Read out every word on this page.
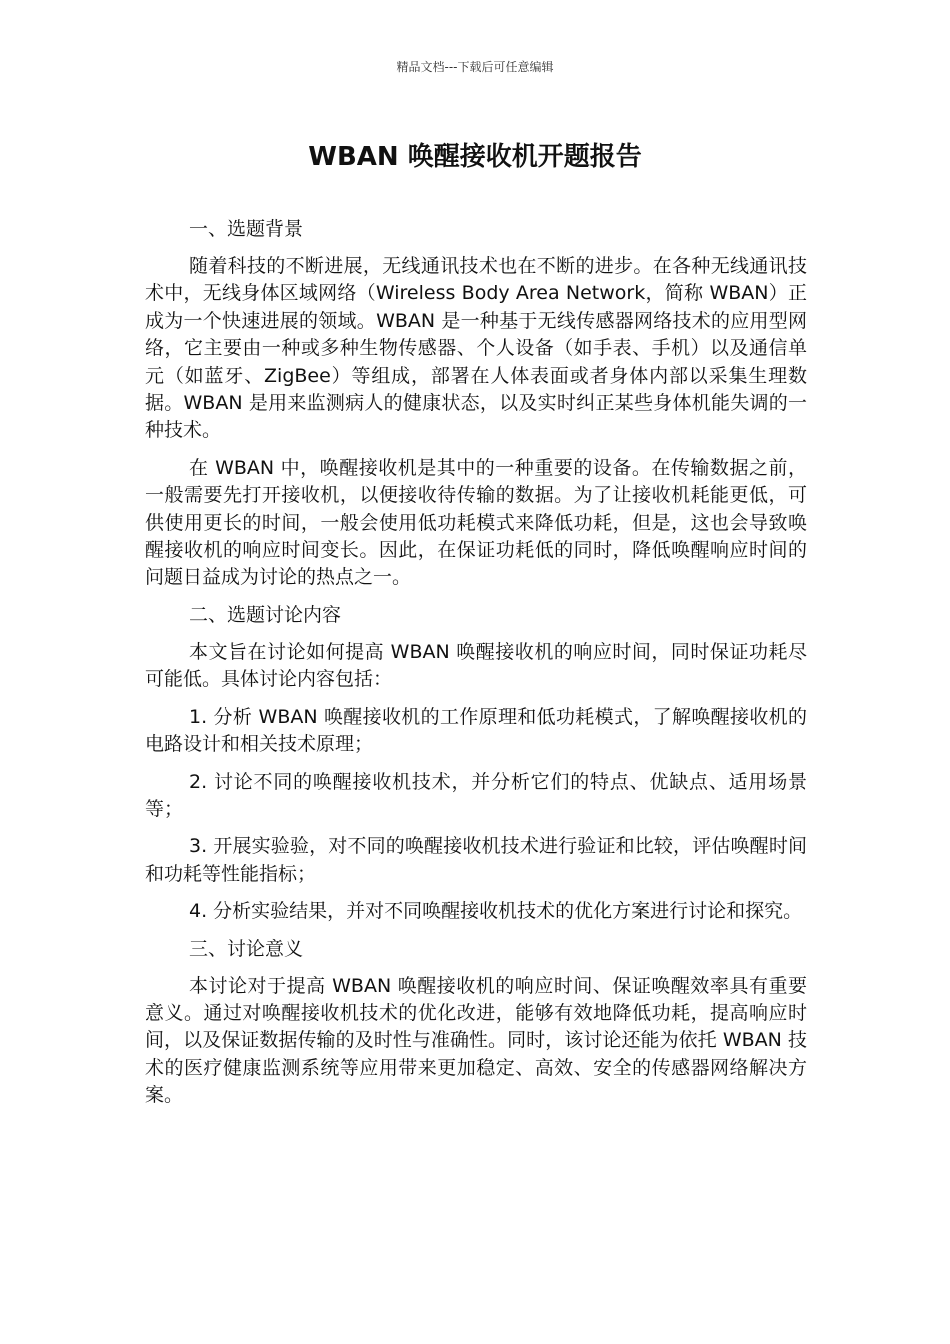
精品文档---下载后可任意编辑
WBAN 唤醒接收机开题报告

一、选题背景

随着科技的不断进展，无线通讯技术也在不断的进步。在各种无线通讯技术中，无线身体区域网络（Wireless Body Area Network，简称 WBAN）正成为一个快速进展的领域。WBAN 是一种基于无线传感器网络技术的应用型网络，它主要由一种或多种生物传感器、个人设备（如手表、手机）以及通信单元（如蓝牙、ZigBee）等组成，部署在人体表面或者身体内部以采集生理数据。WBAN 是用来监测病人的健康状态，以及实时纠正某些身体机能失调的一种技术。

在 WBAN 中，唤醒接收机是其中的一种重要的设备。在传输数据之前，一般需要先打开接收机，以便接收待传输的数据。为了让接收机耗能更低，可供使用更长的时间，一般会使用低功耗模式来降低功耗，但是，这也会导致唤醒接收机的响应时间变长。因此，在保证功耗低的同时，降低唤醒响应时间的问题日益成为讨论的热点之一。

二、选题讨论内容

本文旨在讨论如何提高 WBAN 唤醒接收机的响应时间，同时保证功耗尽可能低。具体讨论内容包括：

1. 分析 WBAN 唤醒接收机的工作原理和低功耗模式，了解唤醒接收机的电路设计和相关技术原理；

2. 讨论不同的唤醒接收机技术，并分析它们的特点、优缺点、适用场景等；

3. 开展实验验，对不同的唤醒接收机技术进行验证和比较，评估唤醒时间和功耗等性能指标；

4. 分析实验结果，并对不同唤醒接收机技术的优化方案进行讨论和探究。

三、讨论意义

本讨论对于提高 WBAN 唤醒接收机的响应时间、保证唤醒效率具有重要意义。通过对唤醒接收机技术的优化改进，能够有效地降低功耗，提高响应时间，以及保证数据传输的及时性与准确性。同时，该讨论还能为依托 WBAN 技术的医疗健康监测系统等应用带来更加稳定、高效、安全的传感器网络解决方案。
